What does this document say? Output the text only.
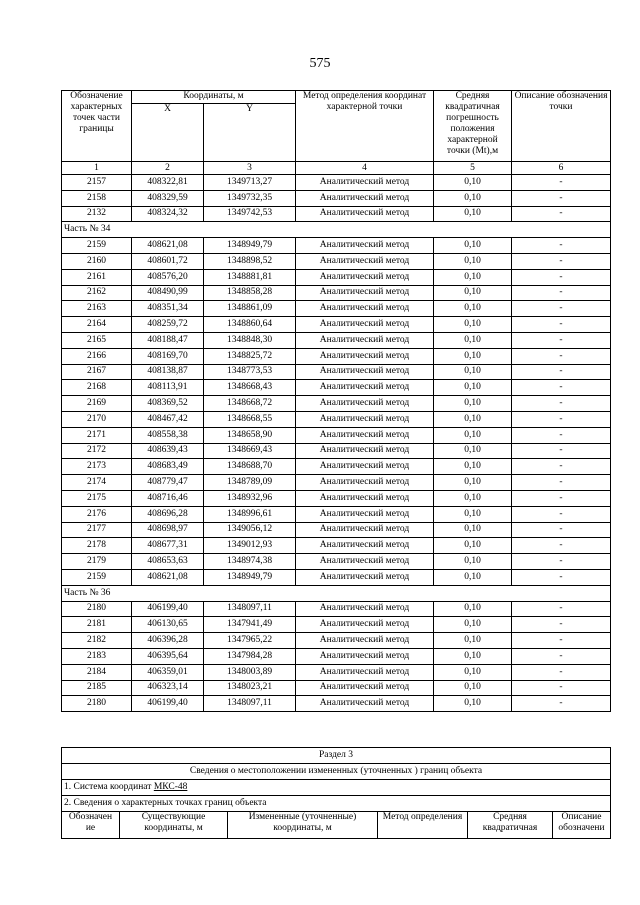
575
Обозначение характерных точек части границы	Координаты, м		Метод определения координат характерной точки	Средняя квадратичная погрешность положения характерной точки (Mt),м	Описание обозначения точки
	X	Y			
1	2	3	4	5	6
2157	408322,81	1349713,27	Аналитический метод	0,10	-
2158	408329,59	1349732,35	Аналитический метод	0,10	-
2132	408324,32	1349742,53	Аналитический метод	0,10	-
Часть № 34					
2159	408621,08	1348949,79	Аналитический метод	0,10	-
2160	408601,72	1348898,52	Аналитический метод	0,10	-
2161	408576,20	1348881,81	Аналитический метод	0,10	-
2162	408490,99	1348858,28	Аналитический метод	0,10	-
2163	408351,34	1348861,09	Аналитический метод	0,10	-
2164	408259,72	1348860,64	Аналитический метод	0,10	-
2165	408188,47	1348848,30	Аналитический метод	0,10	-
2166	408169,70	1348825,72	Аналитический метод	0,10	-
2167	408138,87	1348773,53	Аналитический метод	0,10	-
2168	408113,91	1348668,43	Аналитический метод	0,10	-
2169	408369,52	1348668,72	Аналитический метод	0,10	-
2170	408467,42	1348668,55	Аналитический метод	0,10	-
2171	408558,38	1348658,90	Аналитический метод	0,10	-
2172	408639,43	1348669,43	Аналитический метод	0,10	-
2173	408683,49	1348688,70	Аналитический метод	0,10	-
2174	408779,47	1348789,09	Аналитический метод	0,10	-
2175	408716,46	1348932,96	Аналитический метод	0,10	-
2176	408696,28	1348996,61	Аналитический метод	0,10	-
2177	408698,97	1349056,12	Аналитический метод	0,10	-
2178	408677,31	1349012,93	Аналитический метод	0,10	-
2179	408653,63	1348974,38	Аналитический метод	0,10	-
2159	408621,08	1348949,79	Аналитический метод	0,10	-
Часть № 36					
2180	406199,40	1348097,11	Аналитический метод	0,10	-
2181	406130,65	1347941,49	Аналитический метод	0,10	-
2182	406396,28	1347965,22	Аналитический метод	0,10	-
2183	406395,64	1347984,28	Аналитический метод	0,10	-
2184	406359,01	1348003,89	Аналитический метод	0,10	-
2185	406323,14	1348023,21	Аналитический метод	0,10	-
2180	406199,40	1348097,11	Аналитический метод	0,10	-
Раздел 3
Сведения о местоположении измененных (уточненных ) границ объекта
1. Система координат МКС-48
2. Сведения о характерных точках границ объекта
Обозначен ие	Существующие координаты, м	Измененные (уточненные) координаты, м	Метод определения	Средняя квадратичная	Описание обозначени
